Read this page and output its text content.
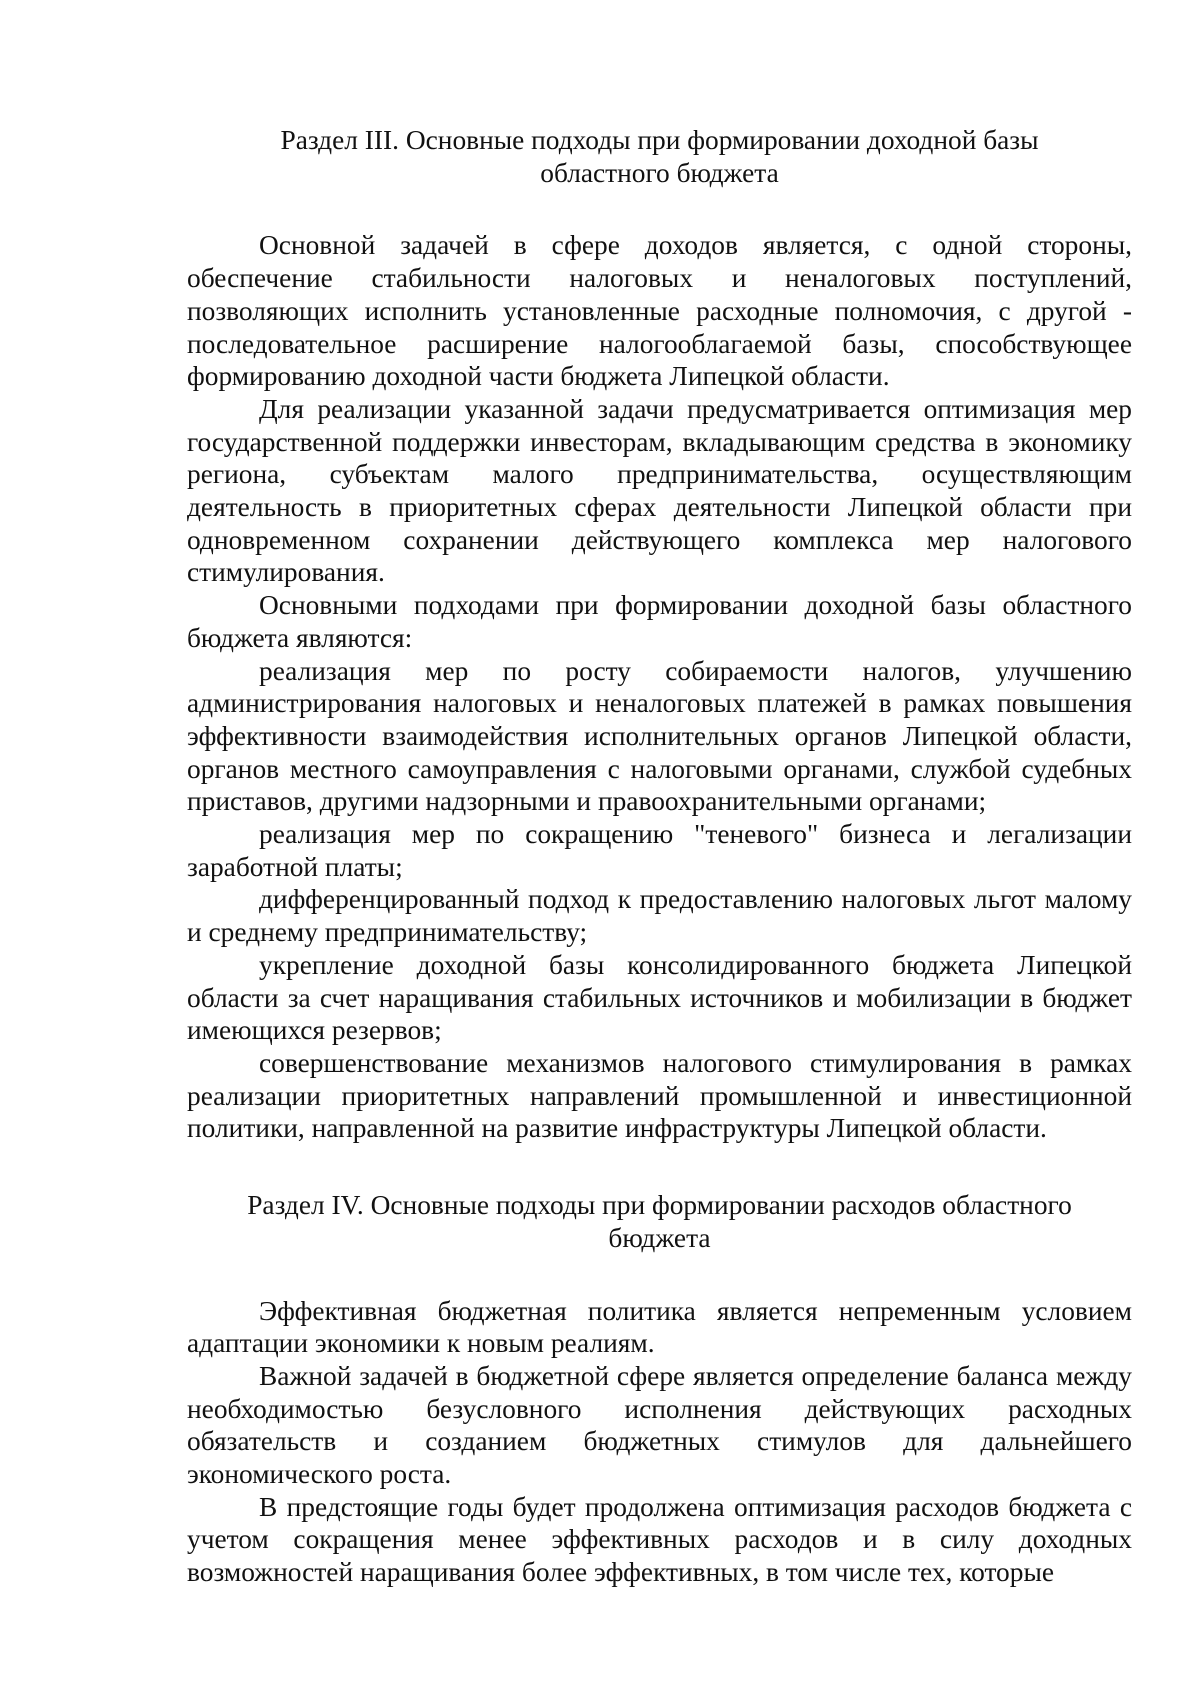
Раздел III. Основные подходы при формировании доходной базы областного бюджета

Основной задачей в сфере доходов является, с одной стороны, обеспечение стабильности налоговых и неналоговых поступлений, позволяющих исполнить установленные расходные полномочия, с другой - последовательное расширение налогооблагаемой базы, способствующее формированию доходной части бюджета Липецкой области.

Для реализации указанной задачи предусматривается оптимизация мер государственной поддержки инвесторам, вкладывающим средства в экономику региона, субъектам малого предпринимательства, осуществляющим деятельность в приоритетных сферах деятельности Липецкой области при одновременном сохранении действующего комплекса мер налогового стимулирования.

Основными подходами при формировании доходной базы областного бюджета являются:

реализация мер по росту собираемости налогов, улучшению администрирования налоговых и неналоговых платежей в рамках повышения эффективности взаимодействия исполнительных органов Липецкой области, органов местного самоуправления с налоговыми органами, службой судебных приставов, другими надзорными и правоохранительными органами;

реализация мер по сокращению "теневого" бизнеса и легализации заработной платы;

дифференцированный подход к предоставлению налоговых льгот малому и среднему предпринимательству;

укрепление доходной базы консолидированного бюджета Липецкой области за счет наращивания стабильных источников и мобилизации в бюджет имеющихся резервов;

совершенствование механизмов налогового стимулирования в рамках реализации приоритетных направлений промышленной и инвестиционной политики, направленной на развитие инфраструктуры Липецкой области.

Раздел IV. Основные подходы при формировании расходов областного бюджета

Эффективная бюджетная политика является непременным условием адаптации экономики к новым реалиям.

Важной задачей в бюджетной сфере является определение баланса между необходимостью безусловного исполнения действующих расходных обязательств и созданием бюджетных стимулов для дальнейшего экономического роста.

В предстоящие годы будет продолжена оптимизация расходов бюджета с учетом сокращения менее эффективных расходов и в силу доходных возможностей наращивания более эффективных, в том числе тех, которые
